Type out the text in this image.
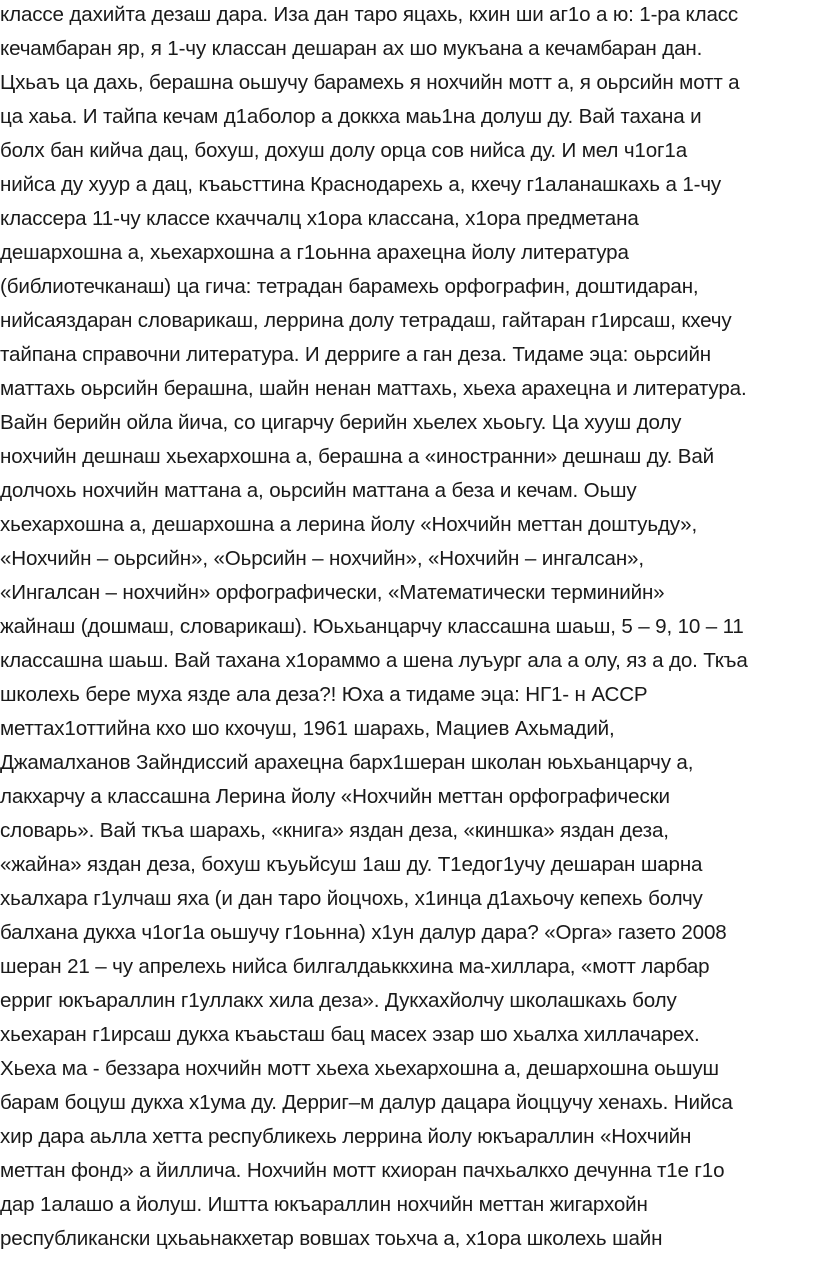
классе дахийта дезаш дара. Иза дан таро яцахь, кхин ши аг1о а ю: 1-ра класс

кечамбаран яр, я 1-чу классан дешаран ах шо мукъана а кечамбаран дан.

Цхьаъ ца дахь, берашна оьшучу барамехь я нохчийн мотт а, я оьрсийн мотт а

ца хаьа. И тайпа кечам д1аболор а доккха маь1на долуш ду. Вай тахана и

болх бан кийча дац, бохуш, дохуш долу орца сов нийса ду. И мел ч1ог1а

нийса ду хуур а дац, къаьсттина Краснодарехь а, кхечу г1аланашкахь а 1-чу

классера 11-чу классе кхаччалц х1ора классана, х1ора предметана

дешархошна а, хьехархошна а г1оьнна арахецна йолу литература

(библиотечканаш) ца гича: тетрадан барамехь орфографин, доштидаран,

нийсаяздаран словарикаш, леррина долу тетрадаш, гайтаран г1ирсаш, кхечу

тайпана справочни литература. И дерриге а ган деза. Тидаме эца: оьрсийн

маттахь оьрсийн берашна, шайн ненан маттахь, хьеха арахецна и литература.

Вайн берийн ойла йича, со цигарчу берийн хьелех хьоьгу. Ца хууш долу

нохчийн дешнаш хьехархошна а, берашна а «иностранни» дешнаш ду. Вай

долчохь нохчийн маттана а, оьрсийн маттана а беза и кечам. Оьшу

хьехархошна а, дешархошна а лерина йолу «Нохчийн меттан доштуьду»,

«Нохчийн – оьрсийн», «Оьрсийн – нохчийн», «Нохчийн – ингалсан»,

«Ингалсан – нохчийн» орфографически, «Математически терминийн»

жайнаш (дошмаш, словарикаш). Юьхьанцарчу классашна шаьш, 5 – 9, 10 – 11

классашна шаьш. Вай тахана х1ораммо а шена луъург ала а олу, яз а до. Ткъа

школехь бере муха язде ала деза?! Юха а тидаме эца: НГ1- н АССР

меттах1оттийна кхо шо кхочуш, 1961 шарахь, Мациев Ахьмадий,

Джамалханов Зайндиссий арахецна барх1шеран школан юьхьанцарчу а,

лакхарчу а классашна Лерина йолу «Нохчийн меттан орфографически

словарь». Вай ткъа шарахь, «книга» яздан деза, «киншка» яздан деза,

«жайна» яздан деза, бохуш къуьйсуш 1аш ду. Т1едог1учу дешаран шарна

хьалхара г1улчаш яха (и дан таро йоцчохь, х1инца д1ахьочу кепехь болчу

балхана дукха ч1ог1а оьшучу г1оьнна) х1ун далур дара? «Орга» газето 2008

шеран 21 – чу апрелехь нийса билгалдаьккхина ма-хиллара, «мотт ларбар

ерриг юкъараллин г1уллакх хила деза». Дукхахйолчу школашкахь болу

хьехаран г1ирсаш дукха къаьсташ бац масех эзар шо хьалха хиллачарех.

Хьеха ма - беззара нохчийн мотт хьеха хьехархошна а, дешархошна оьшуш

барам боцуш дукха х1ума ду. Дерриг–м далур дацара йоццучу хенахь. Нийса

хир дара аьлла хетта республикехь леррина йолу юкъараллин «Нохчийн

меттан фонд» а йиллича. Нохчийн мотт кхиоран пачхьалкхо дечунна т1е г1о

дар 1алашо а йолуш. Иштта юкъараллин нохчийн меттан жигархойн

республикански цхьаьнакхетар вовшах тоьхча а, х1ора школехь шайн
